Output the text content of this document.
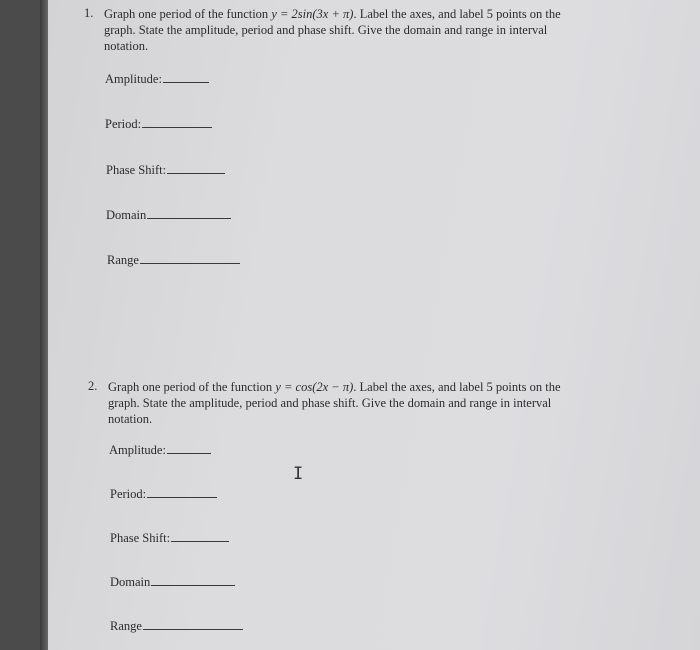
1. Graph one period of the function y = 2sin(3x + π). Label the axes, and label 5 points on the
graph. State the amplitude, period and phase shift. Give the domain and range in interval
notation.
Amplitude:
Period:
Phase Shift:
Domain
Range
2. Graph one period of the function y = cos(2x − π). Label the axes, and label 5 points on the
graph. State the amplitude, period and phase shift. Give the domain and range in interval
notation.
Amplitude:
Period:
Phase Shift:
Domain
Range
I
